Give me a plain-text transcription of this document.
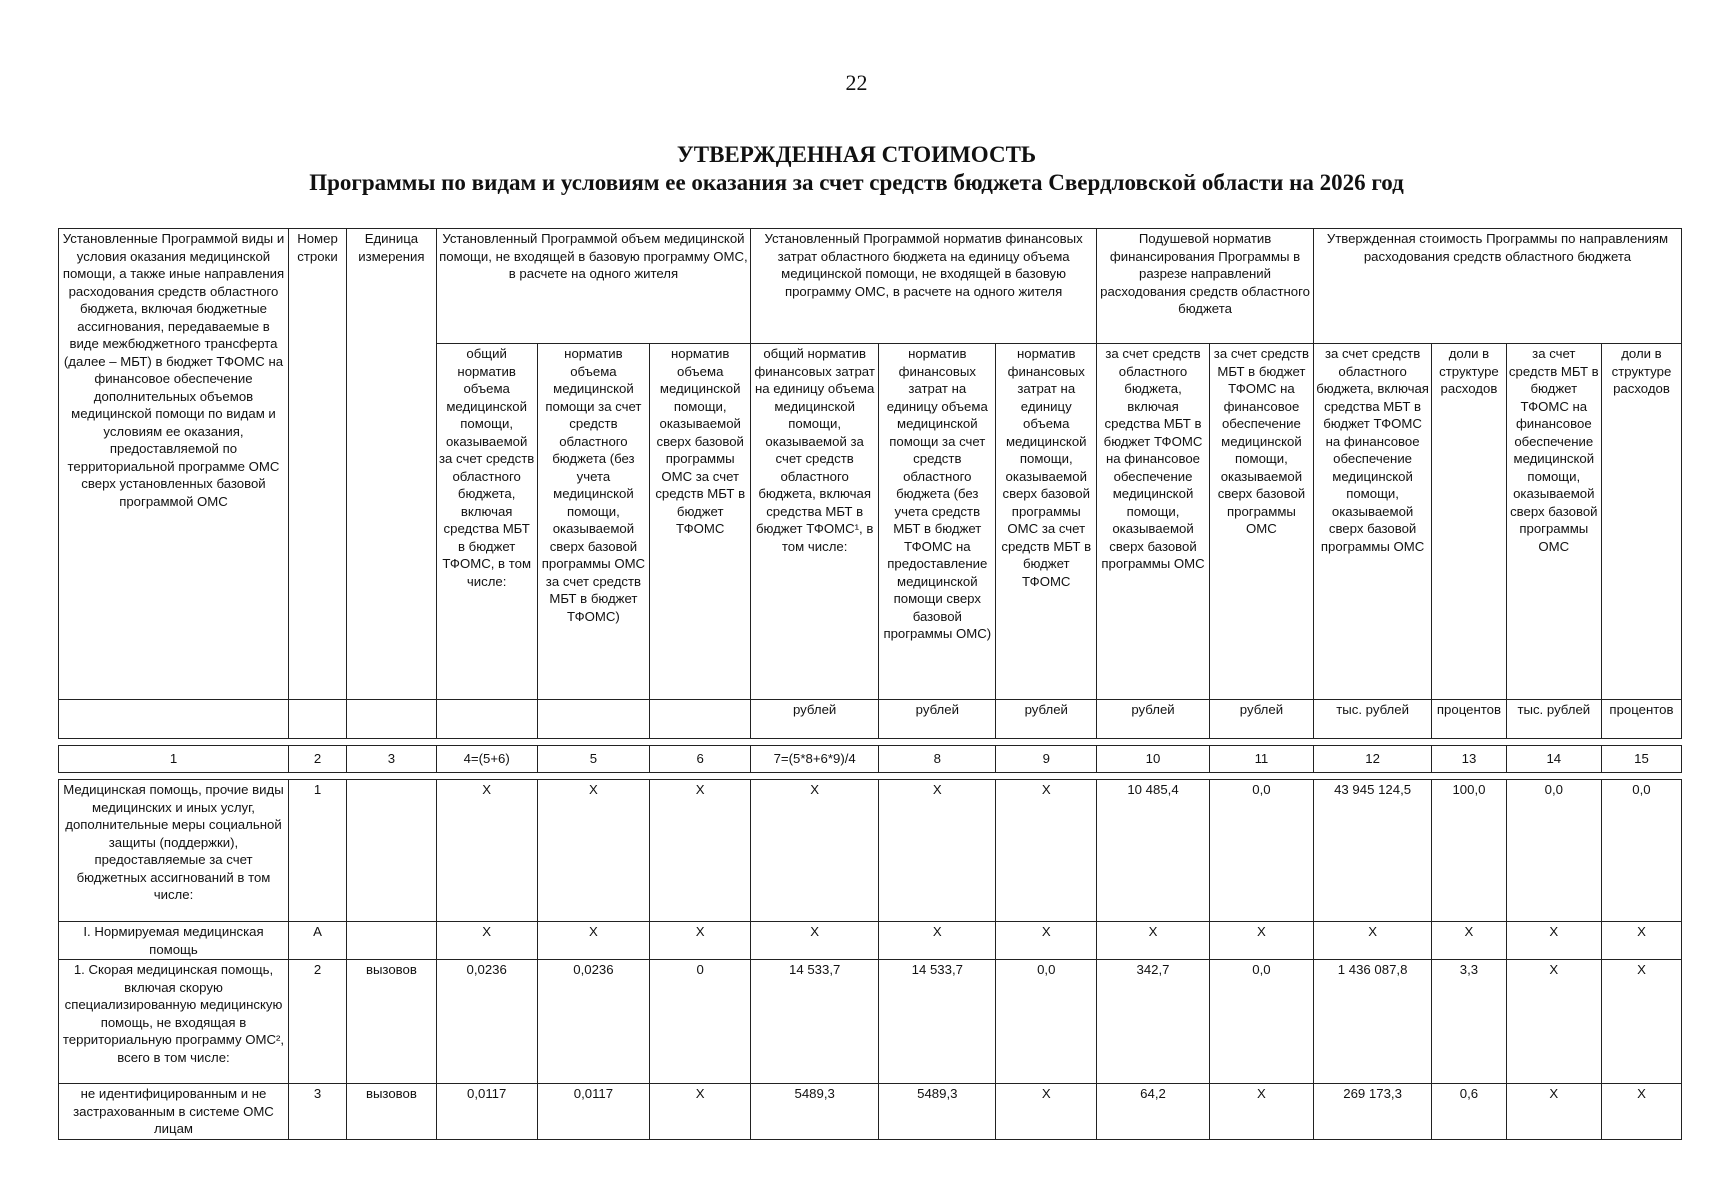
22
УТВЕРЖДЕННАЯ СТОИМОСТЬ
Программы по видам и условиям ее оказания за счет средств бюджета Свердловской области на 2026 год
Установленные Программой виды и условия оказания медицинской помощи, а также иные направления расходования средств областного бюджета, включая бюджетные ассигнования, передаваемые в виде межбюджетного трансферта (далее – МБТ) в бюджет ТФОМС на финансовое обеспечение дополнительных объемов медицинской помощи по видам и условиям ее оказания, предоставляемой по территориальной программе ОМС сверх установленных базовой программой ОМС	Номер строки	Единица измерения	Установленный Программой объем медицинской помощи, не входящей в базовую программу ОМС, в расчете на одного жителя			Установленный Программой норматив финансовых затрат областного бюджета на единицу объема медицинской помощи, не входящей в базовую программу ОМС, в расчете на одного жителя			Подушевой норматив финансирования Программы в разрезе направлений расходования средств областного бюджета		Утвержденная стоимость Программы по направлениям расходования средств областного бюджета			
			общий норматив объема медицинской помощи, оказываемой за счет средств областного бюджета, включая средства МБТ в бюджет ТФОМС, в том числе:	норматив объема медицинской помощи за счет средств областного бюджета (без учета медицинской помощи, оказываемой сверх базовой программы ОМС за счет средств МБТ в бюджет ТФОМС)	норматив объема медицинской помощи, оказываемой сверх базовой программы ОМС за счет средств МБТ в бюджет ТФОМС	общий норматив финансовых затрат на единицу объема медицинской помощи, оказываемой за счет средств областного бюджета, включая средства МБТ в бюджет ТФОМС¹, в том числе:	норматив финансовых затрат на единицу объема медицинской помощи за счет средств областного бюджета (без учета средств МБТ в бюджет ТФОМС на предоставление медицинской помощи сверх базовой программы ОМС)	норматив финансовых затрат на единицу объема медицинской помощи, оказываемой сверх базовой программы ОМС за счет средств МБТ в бюджет ТФОМС	за счет средств областного бюджета, включая средства МБТ в бюджет ТФОМС на финансовое обеспечение медицинской помощи, оказываемой сверх базовой программы ОМС	за счет средств МБТ в бюджет ТФОМС на финансовое обеспечение медицинской помощи, оказываемой сверх базовой программы ОМС	за счет средств областного бюджета, включая средства МБТ в бюджет ТФОМС на финансовое обеспечение медицинской помощи, оказываемой сверх базовой программы ОМС	доли в структуре расходов	за счет средств МБТ в бюджет ТФОМС на финансовое обеспечение медицинской помощи, оказываемой сверх базовой программы ОМС	доли в структуре расходов
						рублей	рублей	рублей	рублей	рублей	тыс. рублей	процентов	тыс. рублей	процентов

1	2	3	4=(5+6)	5	6	7=(5*8+6*9)/4	8	9	10	11	12	13	14	15

Медицинская помощь, прочие виды медицинских и иных услуг, дополнительные меры социальной защиты (поддержки), предоставляемые за счет бюджетных ассигнований в том числе:	1		X	X	X	X	X	X	10 485,4	0,0	43 945 124,5	100,0	0,0	0,0
I. Нормируемая медицинская помощь	А		X	X	X	X	X	X	X	X	X	X	X	X
1. Скорая медицинская помощь, включая скорую специализированную медицинскую помощь, не входящая в территориальную программу ОМС², всего в том числе:	2	вызовов	0,0236	0,0236	0	14 533,7	14 533,7	0,0	342,7	0,0	1 436 087,8	3,3	X	X
не идентифицированным и не застрахованным в системе ОМС лицам	3	вызовов	0,0117	0,0117	X	5489,3	5489,3	X	64,2	X	269 173,3	0,6	X	X
